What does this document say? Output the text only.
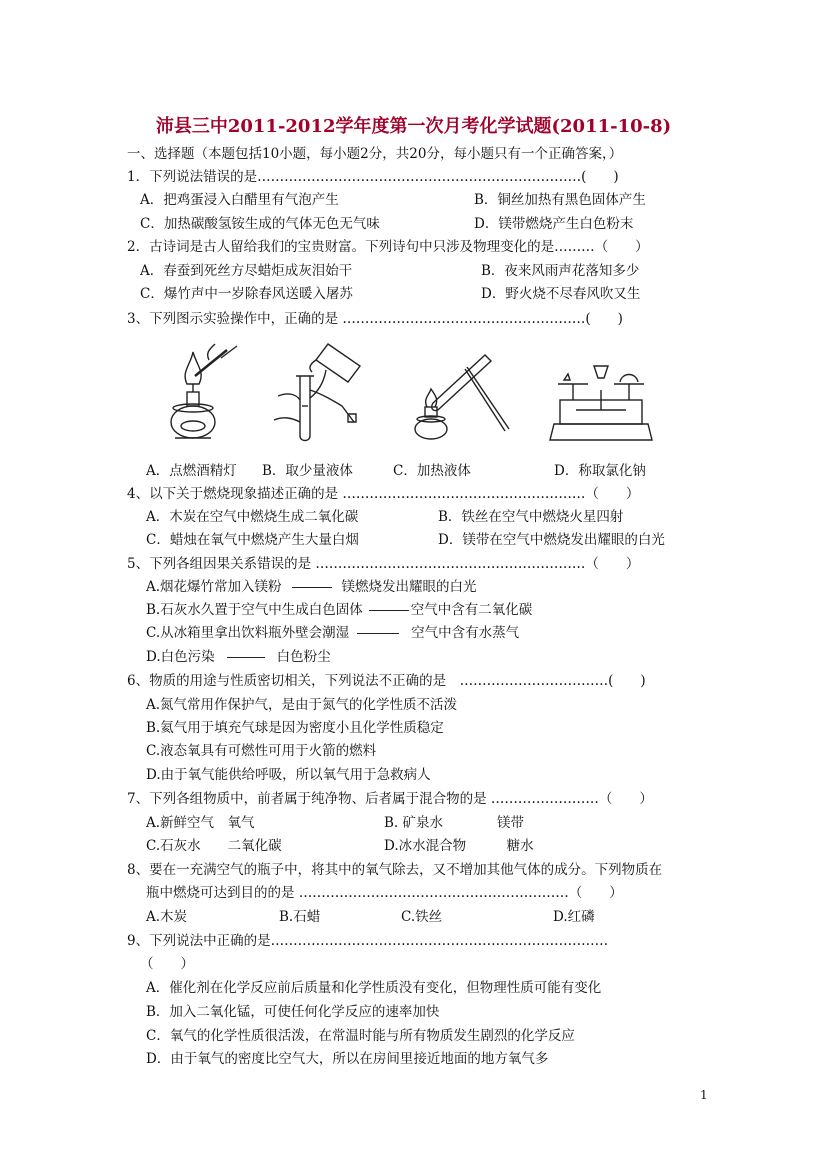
沛县三中2011-2012学年度第一次月考化学试题(2011-10-8)
一、选择题（本题包括10小题，每小题2分，共20分，每小题只有一个正确答案，）
1．下列说法错误的是………………………………………………………………(　　)
A．把鸡蛋浸入白醋里有气泡产生	B．铜丝加热有黑色固体产生
C．加热碳酸氢铵生成的气体无色无气味	D．镁带燃烧产生白色粉末
2．古诗词是古人留给我们的宝贵财富。下列诗句中只涉及物理变化的是………（　　）
A．春蚕到死丝方尽蜡炬成灰泪始干	B．夜来风雨声花落知多少
C．爆竹声中一岁除春风送暖入屠苏	D．野火烧不尽春风吹又生
3、下列图示实验操作中，正确的是 ………………………………………………(　　)
A．点燃酒精灯 B．取少量液体	C．加热液体	D．称取氯化钠
4、以下关于燃烧现象描述正确的是 ………………………………………………（　　）
A．木炭在空气中燃烧生成二氧化碳	B．铁丝在空气中燃烧火星四射
C．蜡烛在氧气中燃烧产生大量白烟	D．镁带在空气中燃烧发出耀眼的白光
5、下列各组因果关系错误的是 ……………………………………………………（　　）
A.烟花爆竹常加入镁粉	镁燃烧发出耀眼的白光
B.石灰水久置于空气中生成白色固体	空气中含有二氧化碳
C.从冰箱里拿出饮料瓶外壁会潮湿	空气中含有水蒸气
D.白色污染	白色粉尘
6、物质的用途与性质密切相关，下列说法不正确的是　……………………………(　　)
A.氮气常用作保护气，是由于氮气的化学性质不活泼
B.氦气用于填充气球是因为密度小且化学性质稳定
C.液态氧具有可燃性可用于火箭的燃料
D.由于氧气能供给呼吸，所以氧气用于急救病人
7、下列各组物质中，前者属于纯净物、后者属于混合物的是 ……………………（　　）
A.新鲜空气　氧气	B. 矿泉水　　　　镁带
C.石灰水　　二氧化碳	D.冰水混合物　　　糖水
8、要在一充满空气的瓶子中，将其中的氧气除去，又不增加其他气体的成分。下列物质在
瓶中燃烧可达到目的的是 ……………………………………………………（　　）
A.木炭	B.石蜡	C.铁丝	D.红磷
9、下列说法中正确的是…………………………………………………………………
（　　）
A．催化剂在化学反应前后质量和化学性质没有变化，但物理性质可能有变化
B．加入二氧化锰，可使任何化学反应的速率加快
C．氧气的化学性质很活泼，在常温时能与所有物质发生剧烈的化学反应
D．由于氧气的密度比空气大，所以在房间里接近地面的地方氧气多
1
